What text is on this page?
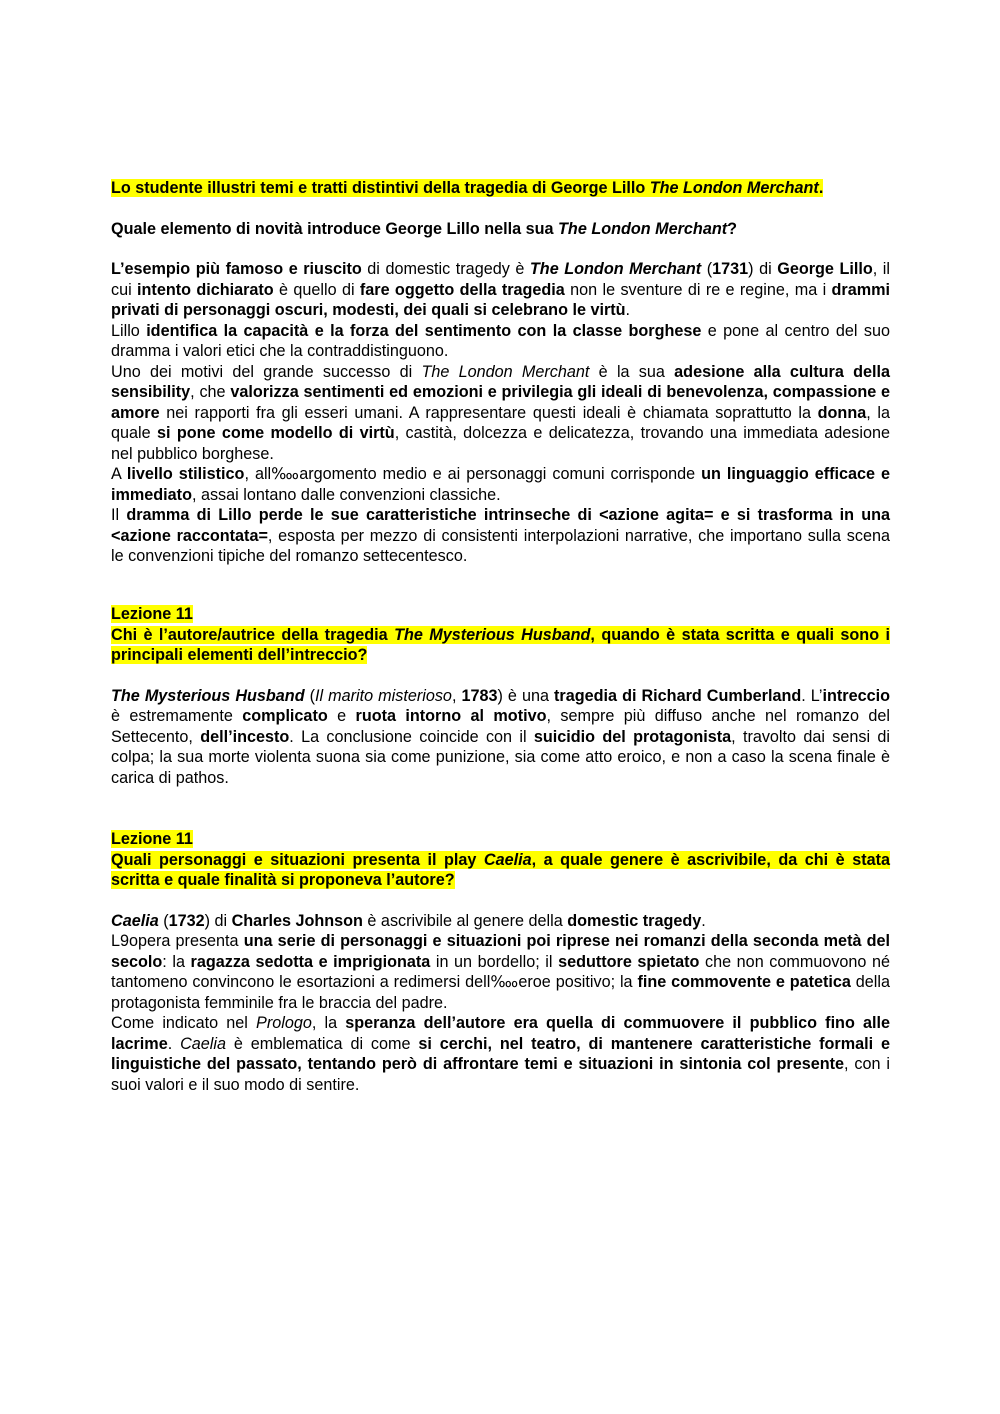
Lo studente illustri temi e tratti distintivi della tragedia di George Lillo The London Merchant.

Quale elemento di novità introduce George Lillo nella sua The London Merchant?

L’esempio più famoso e riuscito di domestic tragedy è The London Merchant (1731) di George Lillo, il cui intento dichiarato è quello di fare oggetto della tragedia non le sventure di re e regine, ma i drammi privati di personaggi oscuri, modesti, dei quali si celebrano le virtù.

Lillo identifica la capacità e la forza del sentimento con la classe borghese e pone al centro del suo dramma i valori etici che la contraddistinguono.

Uno dei motivi del grande successo di The London Merchant è la sua adesione alla cultura della sensibility, che valorizza sentimenti ed emozioni e privilegia gli ideali di benevolenza, compassione e amore nei rapporti fra gli esseri umani. A rappresentare questi ideali è chiamata soprattutto la donna, la quale si pone come modello di virtù, castità, dolcezza e delicatezza, trovando una immediata adesione nel pubblico borghese.

A livello stilistico, all‱argomento medio e ai personaggi comuni corrisponde un linguaggio efficace e immediato, assai lontano dalle convenzioni classiche.

Il dramma di Lillo perde le sue caratteristiche intrinseche di <azione agita= e si trasforma in una <azione raccontata=, esposta per mezzo di consistenti interpolazioni narrative, che importano sulla scena le convenzioni tipiche del romanzo settecentesco.

Lezione 11

Chi è l’autore/autrice della tragedia The Mysterious Husband, quando è stata scritta e quali sono i principali elementi dell’intreccio?

The Mysterious Husband (Il marito misterioso, 1783) è una tragedia di Richard Cumberland. L’intreccio è estremamente complicato e ruota intorno al motivo, sempre più diffuso anche nel romanzo del Settecento, dell’incesto. La conclusione coincide con il suicidio del protagonista, travolto dai sensi di colpa; la sua morte violenta suona sia come punizione, sia come atto eroico, e non a caso la scena finale è carica di pathos.

Lezione 11

Quali personaggi e situazioni presenta il play Caelia, a quale genere è ascrivibile, da chi è stata scritta e quale finalità si proponeva l’autore?

Caelia (1732) di Charles Johnson è ascrivibile al genere della domestic tragedy.

L9opera presenta una serie di personaggi e situazioni poi riprese nei romanzi della seconda metà del secolo: la ragazza sedotta e imprigionata in un bordello; il seduttore spietato che non commuovono né tantomeno convincono le esortazioni a redimersi dell‱eroe positivo; la fine commovente e patetica della protagonista femminile fra le braccia del padre.

Come indicato nel Prologo, la speranza dell’autore era quella di commuovere il pubblico fino alle lacrime. Caelia è emblematica di come si cerchi, nel teatro, di mantenere caratteristiche formali e linguistiche del passato, tentando però di affrontare temi e situazioni in sintonia col presente, con i suoi valori e il suo modo di sentire.
